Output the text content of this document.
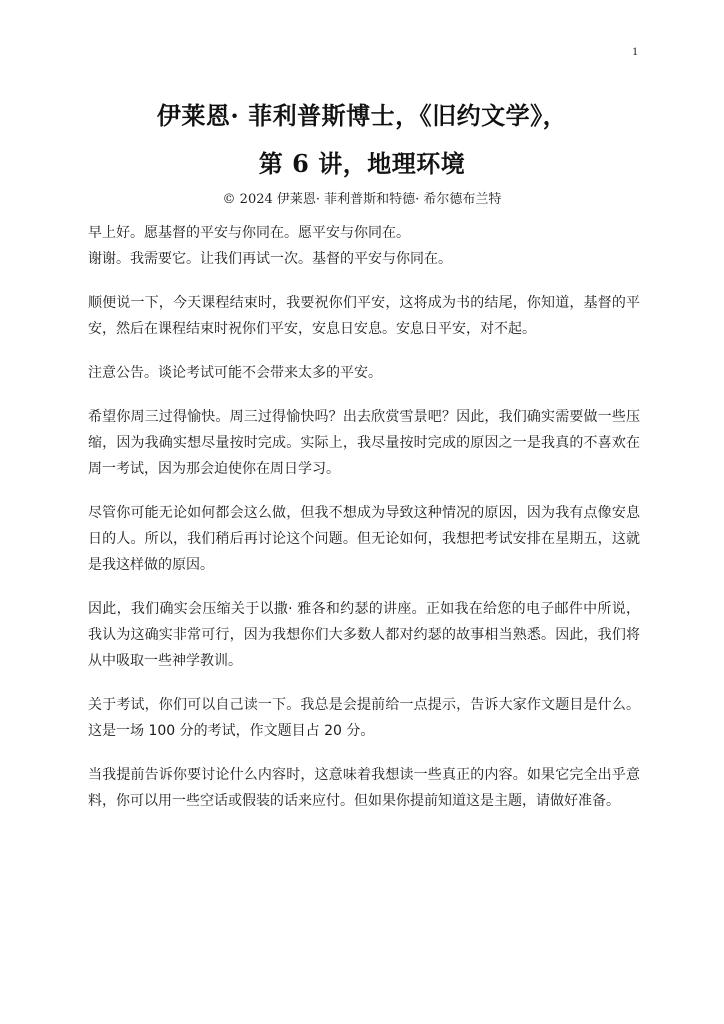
1
伊莱恩· 菲利普斯博士，《旧约文学》，
第 6 讲，地理环境
© 2024 伊莱恩· 菲利普斯和特德· 希尔德布兰特

早上好。愿基督的平安与你同在。愿平安与你同在。

谢谢。我需要它。让我们再试一次。基督的平安与你同在。

顺便说一下，今天课程结束时，我要祝你们平安，这将成为书的结尾，你知道，基督的平安，然后在课程结束时祝你们平安，安息日安息。安息日平安，对不起。

注意公告。谈论考试可能不会带来太多的平安。

希望你周三过得愉快。周三过得愉快吗？出去欣赏雪景吧？因此，我们确实需要做一些压缩，因为我确实想尽量按时完成。实际上，我尽量按时完成的原因之一是我真的不喜欢在周一考试，因为那会迫使你在周日学习。

尽管你可能无论如何都会这么做，但我不想成为导致这种情况的原因，因为我有点像安息日的人。所以，我们稍后再讨论这个问题。但无论如何，我想把考试安排在星期五，这就是我这样做的原因。

因此，我们确实会压缩关于以撒· 雅各和约瑟的讲座。正如我在给您的电子邮件中所说，我认为这确实非常可行，因为我想你们大多数人都对约瑟的故事相当熟悉。因此，我们将从中吸取一些神学教训。

关于考试，你们可以自己读一下。我总是会提前给一点提示，告诉大家作文题目是什么。这是一场 100 分的考试，作文题目占 20 分。

当我提前告诉你要讨论什么内容时，这意味着我想读一些真正的内容。如果它完全出乎意料，你可以用一些空话或假装的话来应付。但如果你提前知道这是主题，请做好准备。
